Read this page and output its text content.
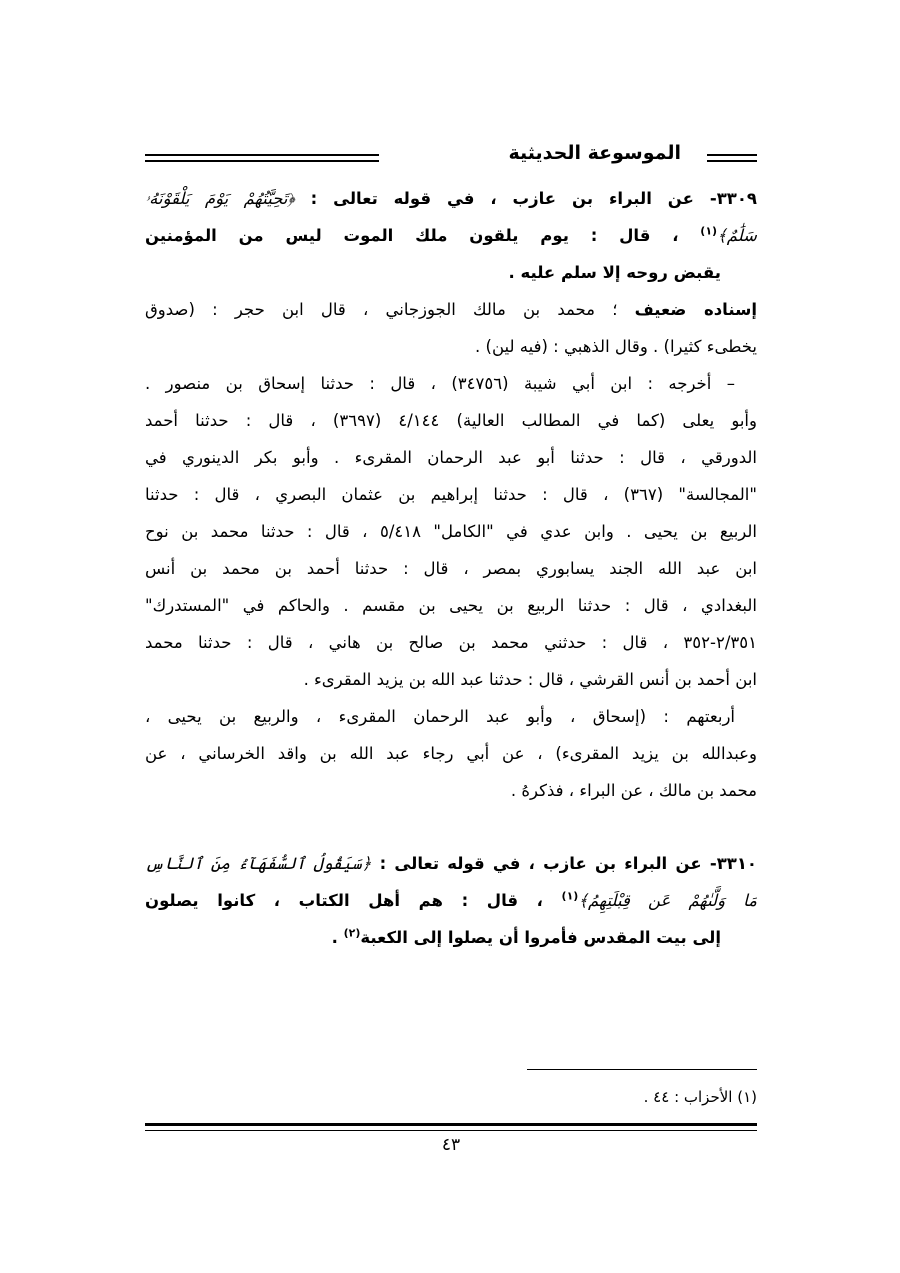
الموسوعة الحديثية
٣٣٠٩- عن البراء بن عازب ، في قوله تعالى : ﴿تَحِيَّتُهُمْ يَوْمَ يَلْقَوْنَهُۥ
سَلَٰمٌ﴾$^{(١)}$ ، قال : يوم يلقون ملك الموت ليس من المؤمنين
يقبض روحه إلا سلم عليه .
إسناده ضعيف ؛ محمد بن مالك الجوزجاني ، قال ابن حجر : (صدوق
يخطىء كثيرا) . وقال الذهبي : (فيه لين) .
– أخرجه : ابن أبي شيبة (٣٤٧٥٦) ، قال : حدثنا إسحاق بن منصور .
وأبو يعلى (كما في المطالب العالية) ٤/١٤٤ (٣٦٩٧) ، قال : حدثنا أحمد
الدورقي ، قال : حدثنا أبو عبد الرحمان المقرىء . وأبو بكر الدينوري في
"المجالسة" (٣٦٧) ، قال : حدثنا إبراهيم بن عثمان البصري ، قال : حدثنا
الربيع بن يحيى . وابن عدي في "الكامل" ٥/٤١٨ ، قال : حدثنا محمد بن نوح
ابن عبد الله الجند يسابوري بمصر ، قال : حدثنا أحمد بن محمد بن أنس
البغدادي ، قال : حدثنا الربيع بن يحيى بن مقسم . والحاكم في "المستدرك"
٢/٣٥١-٣٥٢ ، قال : حدثني محمد بن صالح بن هاني ، قال : حدثنا محمد
ابن أحمد بن أنس القرشي ، قال : حدثنا عبد الله بن يزيد المقرىء .
أربعتهم : (إسحاق ، وأبو عبد الرحمان المقرىء ، والربيع بن يحيى ،
وعبدالله بن يزيد المقرىء) ، عن أبي رجاء عبد الله بن واقد الخرساني ، عن
محمد بن مالك ، عن البراء ، فذكرهُ .
٣٣١٠- عن البراء بن عازب ، في قوله تعالى : ﴿سَيَقُولُ ٱلسُّفَهَآءُ مِنَ ٱلنَّاسِ
مَا وَلَّىٰهُمْ عَن قِبْلَتِهِمُ﴾$^{(١)}$ ، قال : هم أهل الكتاب ، كانوا يصلون
إلى بيت المقدس فأمروا أن يصلوا إلى الكعبة$^{(٢)}$ .
(١) الأحزاب : ٤٤ .
٤٣
